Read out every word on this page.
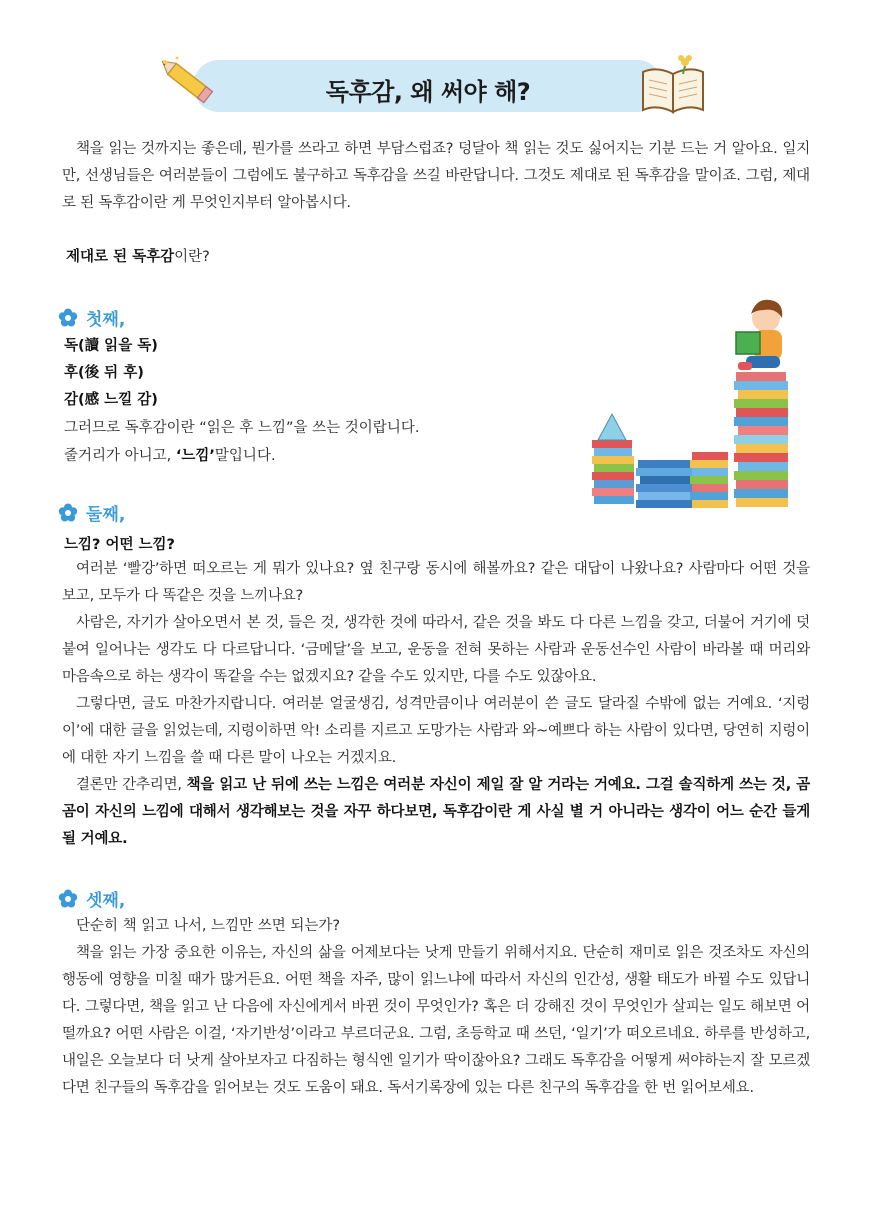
독후감, 왜 써야 해?

책을 읽는 것까지는 좋은데, 뭔가를 쓰라고 하면 부담스럽죠? 덩달아 책 읽는 것도 싫어지는 기분 드는 거 알아요. 일지만, 선생님들은 여러분들이 그럼에도 불구하고 독후감을 쓰길 바란답니다. 그것도 제대로 된 독후감을 말이죠. 그럼, 제대로 된 독후감이란 게 무엇인지부터 알아봅시다.

제대로 된 독후감이란?
첫째,
독(讀 읽을 독)
후(後 뒤 후)
감(感 느낄 감)
그러므로 독후감이란 “읽은 후 느낌”을 쓰는 것이랍니다.
줄거리가 아니고, ‘느낌’말입니다.
둘째,
느낌? 어떤 느낌?

여러분 ‘빨강’하면 떠오르는 게 뭐가 있나요? 옆 친구랑 동시에 해볼까요? 같은 대답이 나왔나요? 사람마다 어떤 것을 보고, 모두가 다 똑같은 것을 느끼나요?

사람은, 자기가 살아오면서 본 것, 들은 것, 생각한 것에 따라서, 같은 것을 봐도 다 다른 느낌을 갖고, 더불어 거기에 덧붙여 일어나는 생각도 다 다르답니다. ‘금메달’을 보고, 운동을 전혀 못하는 사람과 운동선수인 사람이 바라볼 때 머리와 마음속으로 하는 생각이 똑같을 수는 없겠지요? 같을 수도 있지만, 다를 수도 있잖아요.

그렇다면, 글도 마찬가지랍니다. 여러분 얼굴생김, 성격만큼이나 여러분이 쓴 글도 달라질 수밖에 없는 거예요. ‘지렁이’에 대한 글을 읽었는데, 지렁이하면 악! 소리를 지르고 도망가는 사람과 와~예쁘다 하는 사람이 있다면, 당연히 지렁이에 대한 자기 느낌을 쓸 때 다른 말이 나오는 거겠지요.

결론만 간추리면, 책을 읽고 난 뒤에 쓰는 느낌은 여러분 자신이 제일 잘 알 거라는 거예요. 그걸 솔직하게 쓰는 것, 곰곰이 자신의 느낌에 대해서 생각해보는 것을 자꾸 하다보면, 독후감이란 게 사실 별 거 아니라는 생각이 어느 순간 들게 될 거예요.

셋째,
단순히 책 읽고 나서, 느낌만 쓰면 되는가?

책을 읽는 가장 중요한 이유는, 자신의 삶을 어제보다는 낫게 만들기 위해서지요. 단순히 재미로 읽은 것조차도 자신의 행동에 영향을 미칠 때가 많거든요. 어떤 책을 자주, 많이 읽느냐에 따라서 자신의 인간성, 생활 태도가 바뀔 수도 있답니다. 그렇다면, 책을 읽고 난 다음에 자신에게서 바뀐 것이 무엇인가? 혹은 더 강해진 것이 무엇인가 살피는 일도 해보면 어떨까요? 어떤 사람은 이걸, ‘자기반성’이라고 부르더군요. 그럼, 초등학교 때 쓰던, ‘일기’가 떠오르네요. 하루를 반성하고, 내일은 오늘보다 더 낫게 살아보자고 다짐하는 형식엔 일기가 딱이잖아요? 그래도 독후감을 어떻게 써야하는지 잘 모르겠다면 친구들의 독후감을 읽어보는 것도 도움이 돼요. 독서기록장에 있는 다른 친구의 독후감을 한 번 읽어보세요.
